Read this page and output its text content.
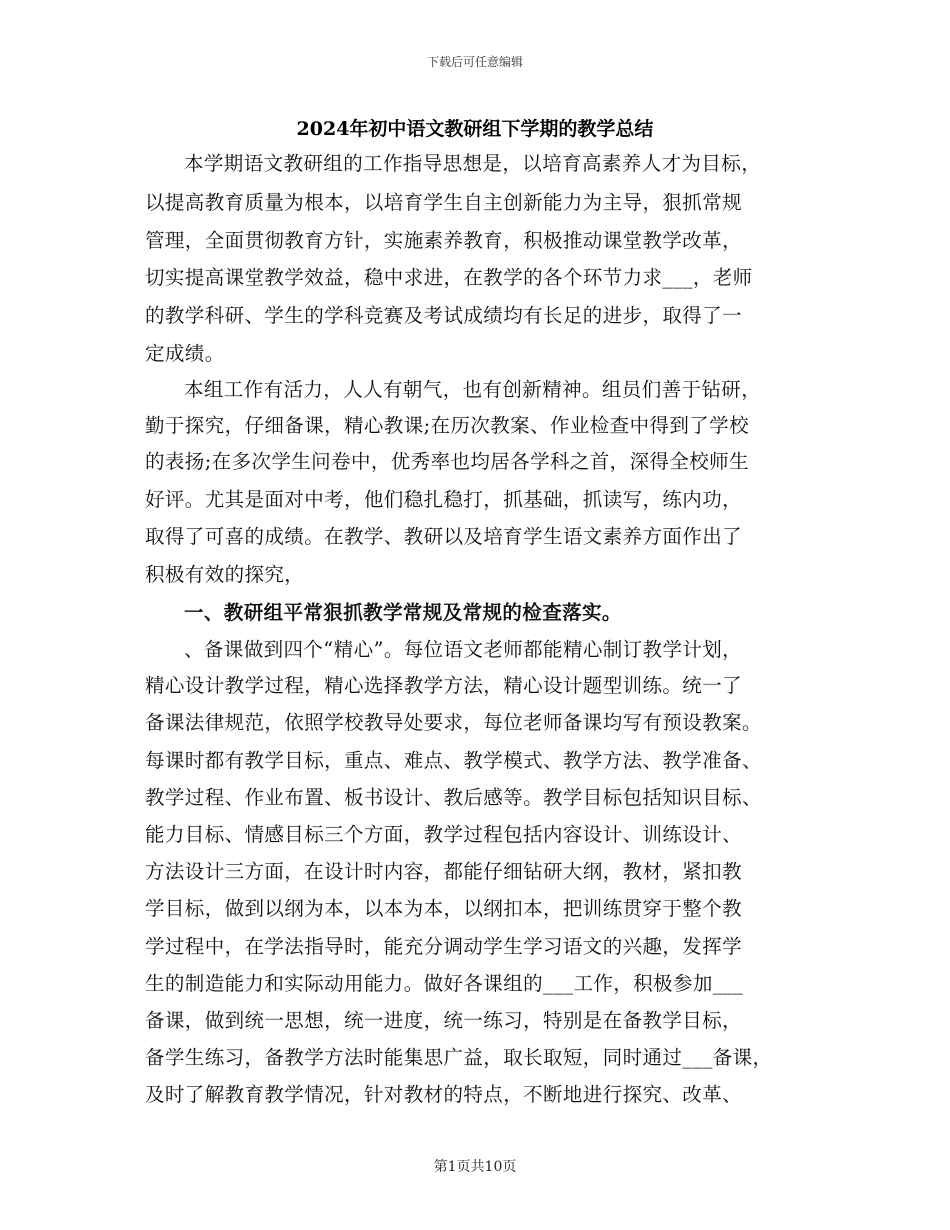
下载后可任意编辑
2024年初中语文教研组下学期的教学总结
本学期语文教研组的工作指导思想是，以培育高素养人才为目标，
以提高教育质量为根本，以培育学生自主创新能力为主导，狠抓常规
管理，全面贯彻教育方针，实施素养教育，积极推动课堂教学改革，
切实提高课堂教学效益，稳中求进，在教学的各个环节力求___，老师
的教学科研、学生的学科竞赛及考试成绩均有长足的进步，取得了一
定成绩。
本组工作有活力，人人有朝气，也有创新精神。组员们善于钻研，
勤于探究，仔细备课，精心教课;在历次教案、作业检查中得到了学校
的表扬;在多次学生问卷中，优秀率也均居各学科之首，深得全校师生
好评。尤其是面对中考，他们稳扎稳打，抓基础，抓读写，练内功，
取得了可喜的成绩。在教学、教研以及培育学生语文素养方面作出了
积极有效的探究，
一、教研组平常狠抓教学常规及常规的检查落实。
、备课做到四个“精心”。每位语文老师都能精心制订教学计划，
精心设计教学过程，精心选择教学方法，精心设计题型训练。统一了
备课法律规范，依照学校教导处要求，每位老师备课均写有预设教案。
每课时都有教学目标，重点、难点、教学模式、教学方法、教学准备、
教学过程、作业布置、板书设计、教后感等。教学目标包括知识目标、
能力目标、情感目标三个方面，教学过程包括内容设计、训练设计、
方法设计三方面，在设计时内容，都能仔细钻研大纲，教材，紧扣教
学目标，做到以纲为本，以本为本，以纲扣本，把训练贯穿于整个教
学过程中，在学法指导时，能充分调动学生学习语文的兴趣，发挥学
生的制造能力和实际动用能力。做好各课组的___工作，积极参加___
备课，做到统一思想，统一进度，统一练习，特别是在备教学目标，
备学生练习，备教学方法时能集思广益，取长取短，同时通过___备课，
及时了解教育教学情况，针对教材的特点，不断地进行探究、改革、
第1页共10页
